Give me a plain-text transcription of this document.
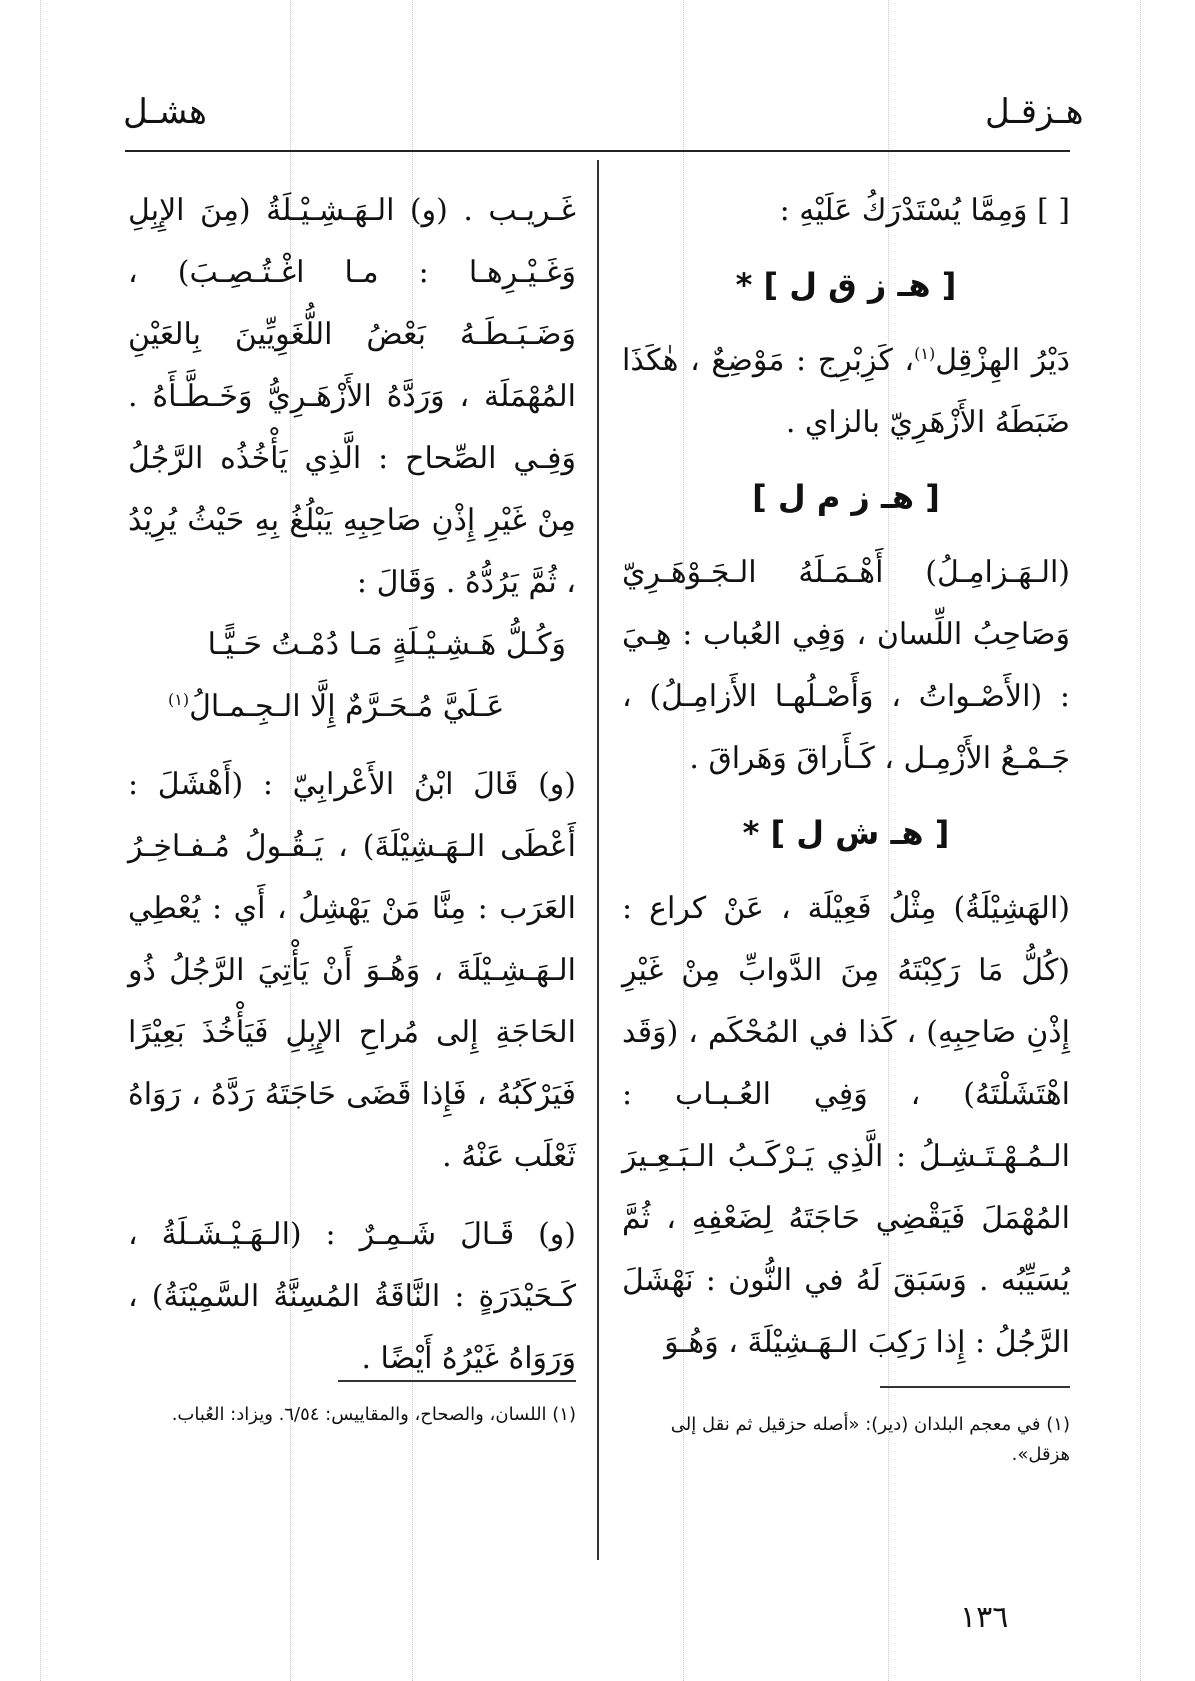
هـزقـل
هشـل

[ ] وَمِمَّا يُسْتَدْرَكُ عَلَيْهِ :

[ هـ ز ق ل ] *

دَيْرُ الهِزْقِل$^{(١)}$، كَزِبْرِج : مَوْضِعٌ ، هٰكَذَا ضَبَطَهُ الأَزْهَرِيّ بالزاي .

[ هـ ز م ل ]

(الـهَـزامِـلُ) أَهْـمَـلَهُ الـجَـوْهَـرِيّ وَصَاحِبُ اللِّسان ، وَفِي العُباب : هِـيَ : (الأَصْـواتُ ، وَأَصْـلُهـا الأَزامِـلُ) ، جَـمْـعُ الأَزْمِـل ، كَـأَراقَ وَهَراقَ .

[ هـ ش ل ] *

(الهَشِيْلَةُ) مِثْلُ فَعِيْلَة ، عَنْ كراع : (كُلُّ مَا رَكِبْتَهُ مِنَ الدَّوابِّ مِنْ غَيْرِ إِذْنِ صَاحِبِهِ) ، كَذا في المُحْكَم ، (وَقَد اهْتَشَلْتَهُ) ، وَفِي العُـبـاب : الـمُـهْـتَـشِـلُ : الَّذِي يَـرْكَـبُ الـبَـعِـيرَ المُهْمَلَ فَيَقْضِي حَاجَتَهُ لِضَعْفِهِ ، ثُمَّ يُسَيِّبُه . وَسَبَقَ لَهُ في النُّون : نَهْشَلَ الرَّجُلُ : إِذا رَكِبَ الـهَـشِيْلَةَ ، وَهُـوَ

غَـريـب . (و) الـهَـشِـيْـلَةُ (مِنَ الإِبِلِ وَغَـيْـرِهـا : مـا اغْـتُـصِـبَ) ، وَضَـبَـطَـهُ بَعْضُ اللُّغَوِيِّينَ بِالعَيْنِ المُهْمَلَة ، وَرَدَّهُ الأَزْهَـرِيُّ وَخَـطَّـأَهُ . وَفِـي الصِّحاح : الَّذِي يَأْخُذُه الرَّجُلُ مِنْ غَيْرِ إِذْنِ صَاحِبِهِ يَبْلُغُ بِهِ حَيْثُ يُرِيْدُ ، ثُمَّ يَرُدُّهُ . وَقَالَ :

وَكُـلُّ هَـشِـيْـلَةٍ مَـا دُمْـتُ حَـيًّـا

عَـلَيَّ مُـحَـرَّمٌ إِلَّا الـجِـمـالُ$^{(١)}$

(و) قَالَ ابْنُ الأَعْرابِيّ : (أَهْشَلَ : أَعْطَى الـهَـشِيْلَةَ) ، يَـقُـولُ مُـفـاخِـرُ العَرَب : مِنَّا مَنْ يَهْشِلُ ، أَي : يُعْطِي الـهَـشِـيْلَةَ ، وَهُـوَ أَنْ يَأْتِيَ الرَّجُلُ ذُو الحَاجَةِ إِلى مُراحِ الإِبِلِ فَيَأْخُذَ بَعِيْرًا فَيَرْكَبُهُ ، فَإِذا قَضَى حَاجَتَهُ رَدَّهُ ، رَوَاهُ ثَعْلَب عَنْهُ .

(و) قَـالَ شَـمِـرٌ : (الـهَـيْـشَـلَةُ ، كَـحَيْدَرَةٍ : النَّاقَةُ المُسِنَّةُ السَّمِيْنَةُ) ، وَرَوَاهُ غَيْرُهُ أَيْضًا .

(١) في معجم البلدان (دير): «أصله حزقيل ثم نقل إلى هزقل».
(١) اللسان، والصحاح، والمقاييس: ٦/٥٤. ويزاد: العُباب.
١٣٦
